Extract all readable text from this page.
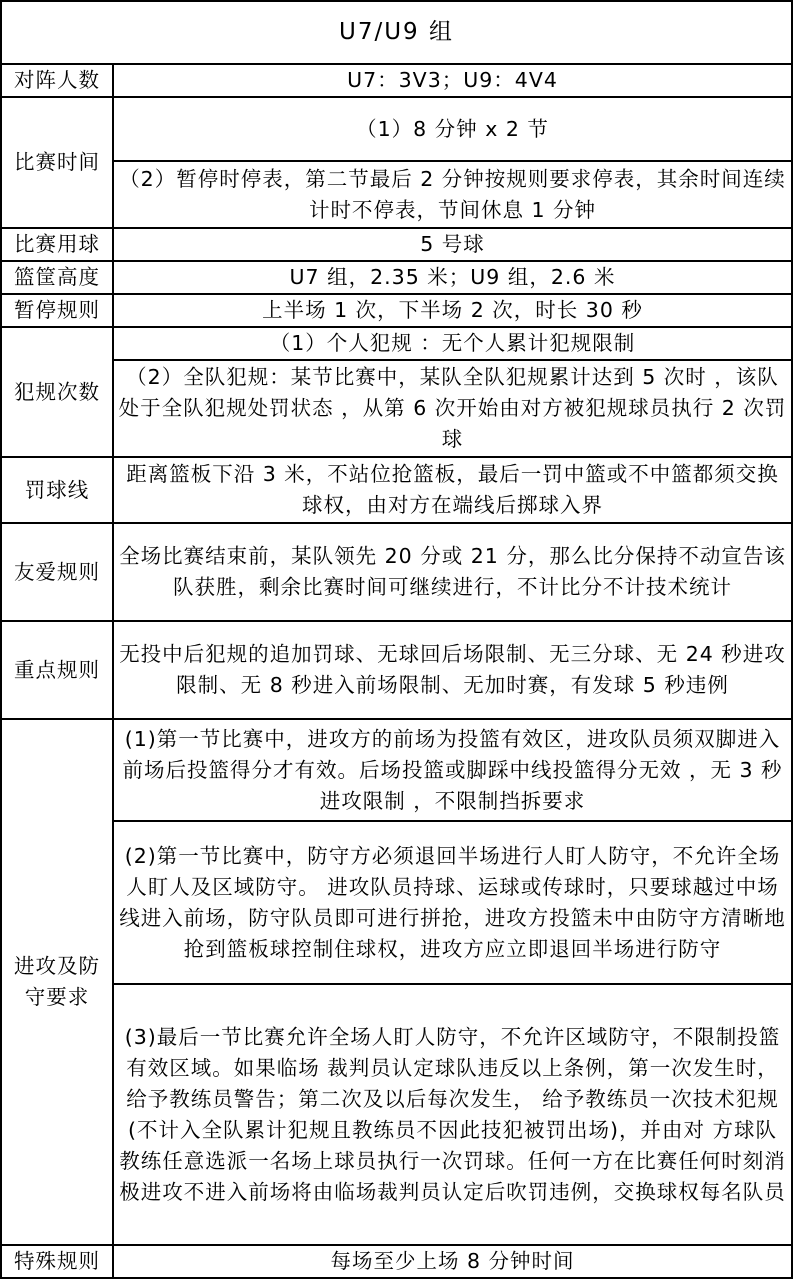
U7/U9 组	
对阵人数	U7：3V3；U9：4V4
比赛时间	（1）8 分钟 x 2 节
	（2）暂停时停表，第二节最后 2 分钟按规则要求停表，其余时间连续计时不停表，节间休息 1 分钟
比赛用球	5 号球
篮筐高度	U7 组，2.35 米；U9 组，2.6 米
暂停规则	上半场 1 次，下半场 2 次，时长 30 秒
犯规次数	（1）个人犯规 ：无个人累计犯规限制
	（2）全队犯规：某节比赛中，某队全队犯规累计达到 5 次时 ，该队处于全队犯规处罚状态 ，从第 6 次开始由对方被犯规球员执行 2 次罚球
罚球线	距离篮板下沿 3 米，不站位抢篮板，最后一罚中篮或不中篮都须交换球权，由对方在端线后掷球入界
友爱规则	全场比赛结束前，某队领先 20 分或 21 分，那么比分保持不动宣告该队获胜，剩余比赛时间可继续进行，不计比分不计技术统计
重点规则	无投中后犯规的追加罚球、无球回后场限制、无三分球、无 24 秒进攻限制、无 8 秒进入前场限制、无加时赛，有发球 5 秒违例
进攻及防守要求	(1)第一节比赛中，进攻方的前场为投篮有效区，进攻队员须双脚进入前场后投篮得分才有效。后场投篮或脚踩中线投篮得分无效 ，无 3 秒进攻限制 ，不限制挡拆要求
	(2)第一节比赛中，防守方必须退回半场进行人盯人防守，不允许全场人盯人及区域防守。 进攻队员持球、运球或传球时，只要球越过中场线进入前场，防守队员即可进行拼抢，进攻方投篮未中由防守方清晰地抢到篮板球控制住球权，进攻方应立即退回半场进行防守
	(3)最后一节比赛允许全场人盯人防守，不允许区域防守，不限制投篮有效区域。如果临场 裁判员认定球队违反以上条例，第一次发生时，给予教练员警告；第二次及以后每次发生， 给予教练员一次技术犯规 (不计入全队累计犯规且教练员不因此技犯被罚出场)，并由对 方球队教练任意选派一名场上球员执行一次罚球。任何一方在比赛任何时刻消极进攻不进入前场将由临场裁判员认定后吹罚违例，交换球权每名队员
特殊规则	每场至少上场 8 分钟时间
